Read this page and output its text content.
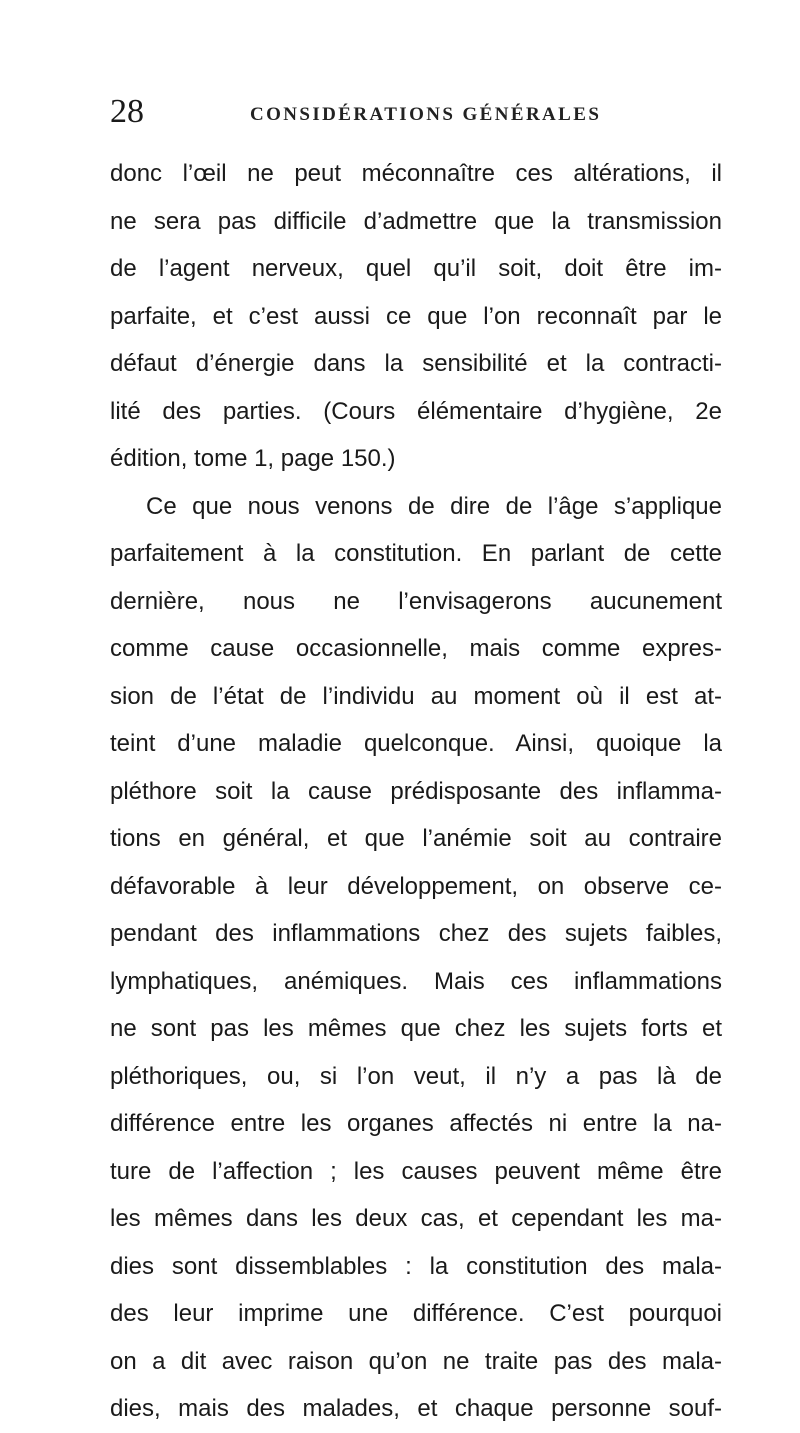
28	CONSIDÉRATIONS GÉNÉRALES
donc l’œil ne peut méconnaître ces altérations, il
ne sera pas difficile d’admettre que la transmission
de l’agent nerveux, quel qu’il soit, doit être im-
parfaite, et c’est aussi ce que l’on reconnaît par le
défaut d’énergie dans la sensibilité et la contracti-
lité des parties. (Cours élémentaire d’hygiène, 2e
édition, tome 1, page 150.)
Ce que nous venons de dire de l’âge s’applique
parfaitement à la constitution. En parlant de cette
dernière, nous ne l’envisagerons aucunement
comme cause occasionnelle, mais comme expres-
sion de l’état de l’individu au moment où il est at-
teint d’une maladie quelconque. Ainsi, quoique la
pléthore soit la cause prédisposante des inflamma-
tions en général, et que l’anémie soit au contraire
défavorable à leur développement, on observe ce-
pendant des inflammations chez des sujets faibles,
lymphatiques, anémiques. Mais ces inflammations
ne sont pas les mêmes que chez les sujets forts et
pléthoriques, ou, si l’on veut, il n’y a pas là de
différence entre les organes affectés ni entre la na-
ture de l’affection ; les causes peuvent même être
les mêmes dans les deux cas, et cependant les ma-
dies sont dissemblables : la constitution des mala-
des leur imprime une différence. C’est pourquoi
on a dit avec raison qu’on ne traite pas des mala-
dies, mais des malades, et chaque personne souf-
